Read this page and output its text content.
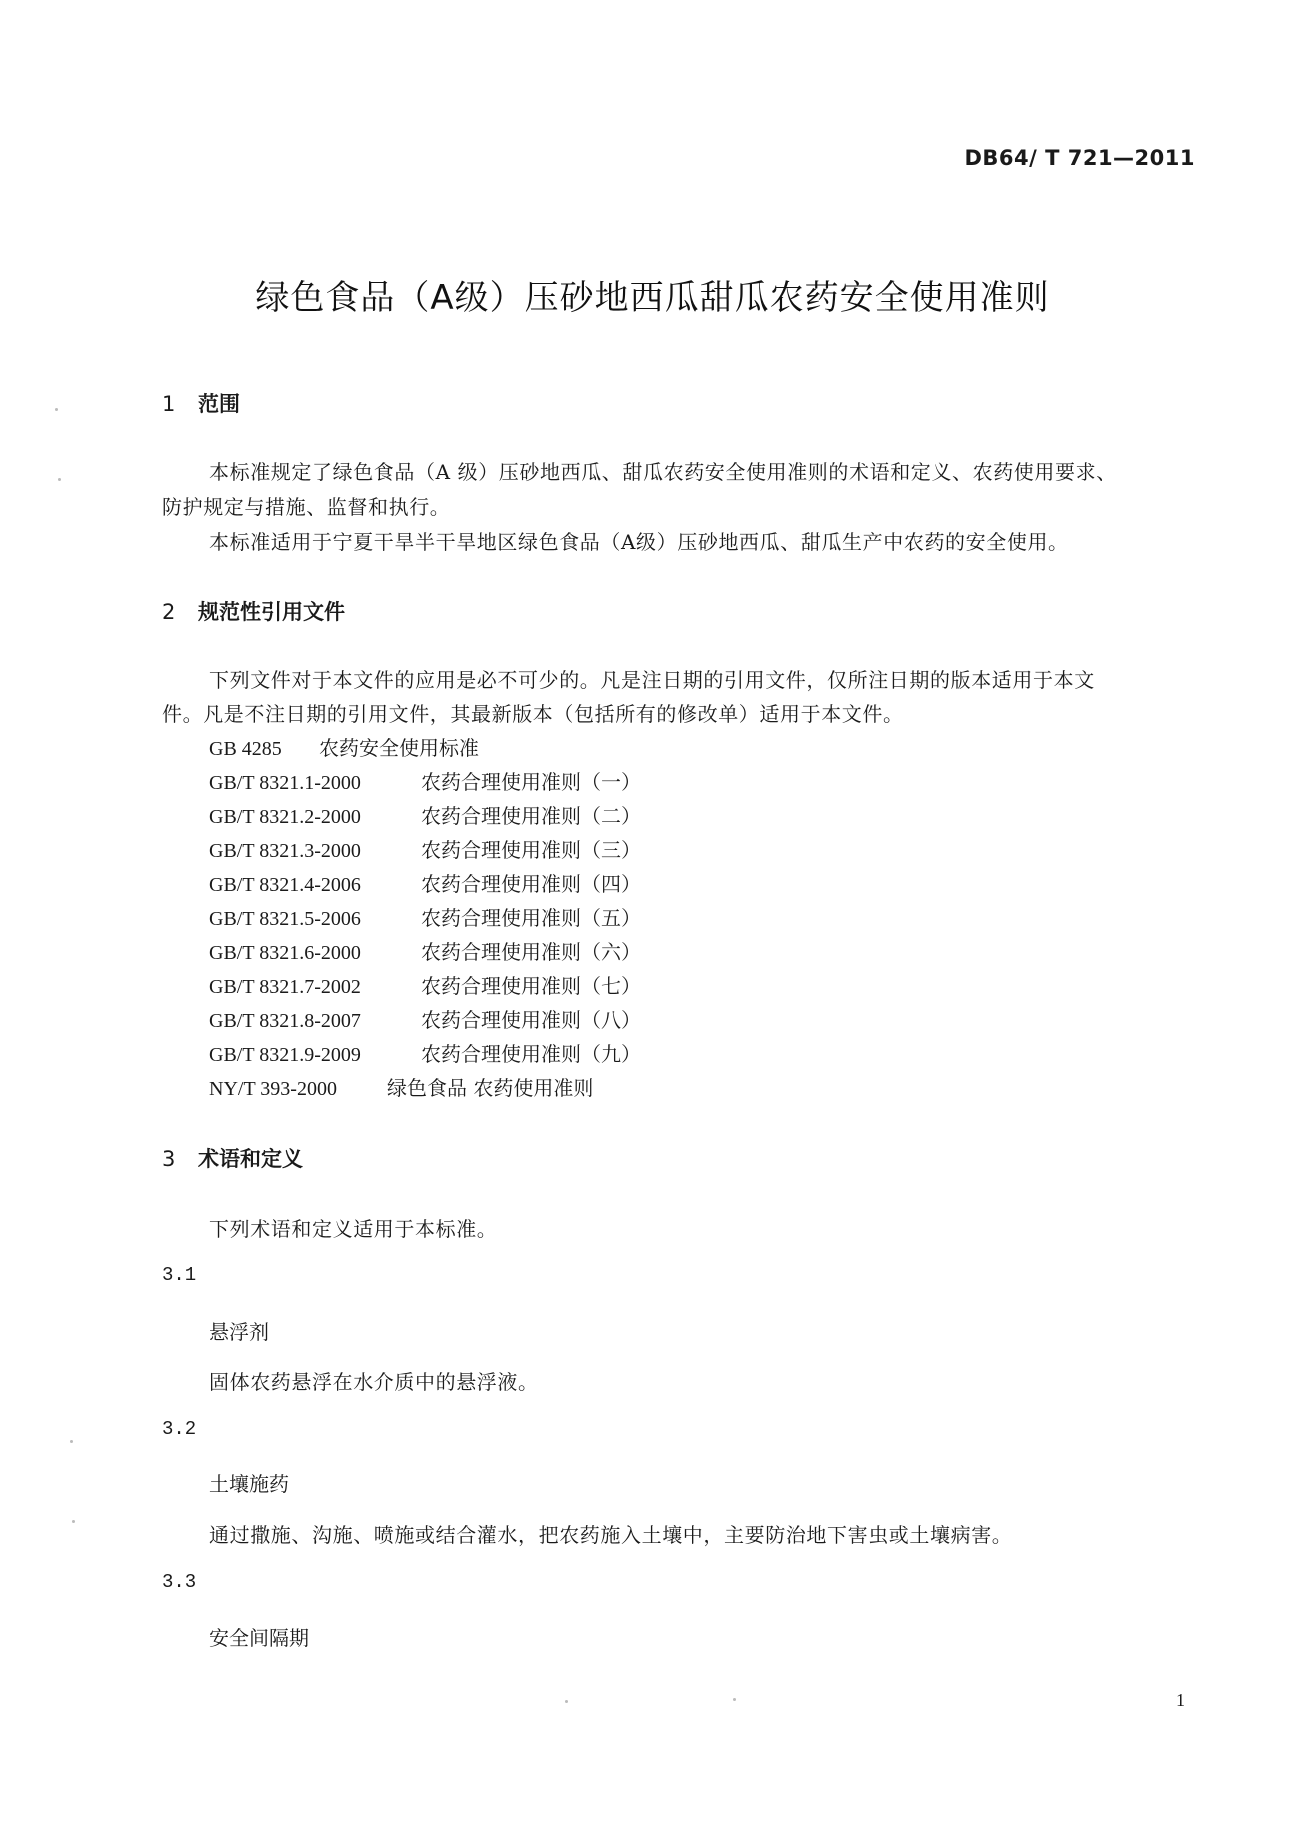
DB64/ T 721—2011
绿色食品（A级）压砂地西瓜甜瓜农药安全使用准则
1 范围
本标准规定了绿色食品（A 级）压砂地西瓜、甜瓜农药安全使用准则的术语和定义、农药使用要求、
防护规定与措施、监督和执行。
本标准适用于宁夏干旱半干旱地区绿色食品（A级）压砂地西瓜、甜瓜生产中农药的安全使用。
2 规范性引用文件
下列文件对于本文件的应用是必不可少的。凡是注日期的引用文件，仅所注日期的版本适用于本文
件。凡是不注日期的引用文件，其最新版本（包括所有的修改单）适用于本文件。
GB 4285 农药安全使用标准
GB/T 8321.1-2000	农药合理使用准则（一）
GB/T 8321.2-2000	农药合理使用准则（二）
GB/T 8321.3-2000	农药合理使用准则（三）
GB/T 8321.4-2006	农药合理使用准则（四）
GB/T 8321.5-2006	农药合理使用准则（五）
GB/T 8321.6-2000	农药合理使用准则（六）
GB/T 8321.7-2002	农药合理使用准则（七）
GB/T 8321.8-2007	农药合理使用准则（八）
GB/T 8321.9-2009	农药合理使用准则（九）
NY/T 393-2000	绿色食品 农药使用准则
3 术语和定义
下列术语和定义适用于本标准。
3.1
悬浮剂
固体农药悬浮在水介质中的悬浮液。
3.2
土壤施药
通过撒施、沟施、喷施或结合灌水，把农药施入土壤中，主要防治地下害虫或土壤病害。
3.3
安全间隔期
1
